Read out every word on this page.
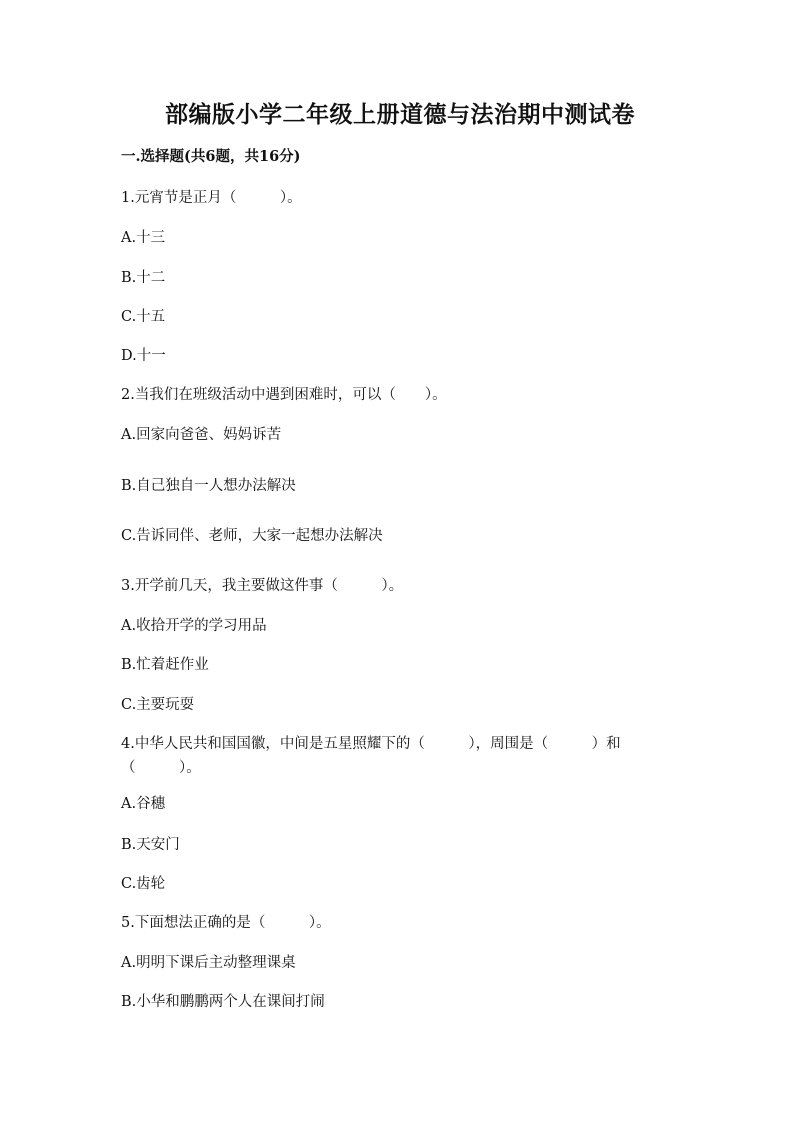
部编版小学二年级上册道德与法治期中测试卷
一.选择题(共6题，共16分)
1.元宵节是正月（　　　）。
A.十三
B.十二
C.十五
D.十一
2.当我们在班级活动中遇到困难时，可以（　　）。
A.回家向爸爸、妈妈诉苦
B.自己独自一人想办法解决
C.告诉同伴、老师，大家一起想办法解决
3.开学前几天，我主要做这件事（　　　）。
A.收拾开学的学习用品
B.忙着赶作业
C.主要玩耍
4.中华人民共和国国徽，中间是五星照耀下的（　　　），周围是（　　　）和（　　　）。
A.谷穗
B.天安门
C.齿轮
5.下面想法正确的是（　　　）。
A.明明下课后主动整理课桌
B.小华和鹏鹏两个人在课间打闹
